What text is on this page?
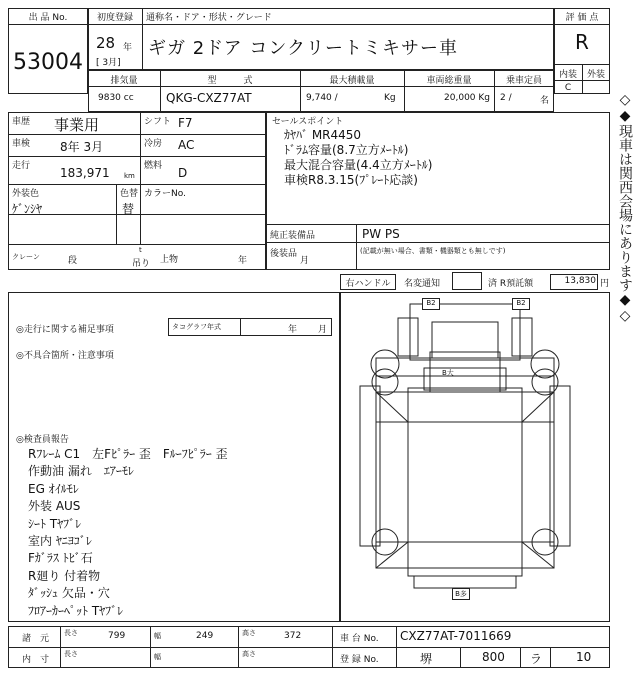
出 品 No.
53004
初度登録	通称名・ドア・形状・グレード
28 年
[ 3月]
ギガ 2ドア コンクリートミキサー車
評 価 点
R
内装	外装
C
排気量	型　　　式	最大積載量	車両総重量	乗車定員
9830 cc	QKG-CXZ77AT	9,740 /	Kg	20,000 Kg 2 /	名
車歴 事業用	シフト F7
車検 8年 3月	冷房 AC
走行 183,971 km
燃料 D
外装色
ｹﾞﾝｼﾔ
色替
替
カラーNo.
クレーン	段
t
吊り 上物	年
セールスポイント
ｶﾔﾊﾞ MR4450
ﾄﾞﾗﾑ容量(8.7立方ﾒｰﾄﾙ)
最大混合容量(4.4立方ﾒｰﾄﾙ)
車検R8.3.15(ﾌﾟﾚｰﾄ応談)
純正装備品	PW PS
後装品	(記載が無い場合、書類・機器類とも無しです)
月
右ハンドル	名変通知	済 R預託額	13,830 円
◎走行に関する補足事項	タコグラフ年式	年 月
◎不具合箇所・注意事項
◎検査員報告
Rﾌﾚｰﾑ C1　左Fﾋﾟﾗｰ 歪　Fﾙｰﾌﾋﾟﾗｰ 歪
作動油 漏れ　ｴｱｰﾓﾚ
EG ｵｲﾙﾓﾚ
外装 AUS
ｼｰﾄ Tﾔﾌﾞﾚ
室内 ﾔﾆﾖｺﾞﾚ
Fｶﾞﾗｽ ﾄﾋﾞ石
R廻り 付着物
ﾀﾞｯｼｭ 欠品・穴
ﾌﾛｱｰｶｰﾍﾟｯﾄ Tﾔﾌﾞﾚ
B2	B2
B大
B多
◇◆現車は関西会場にあります◆◇
諸　元
長さ	799	幅	249	高さ	372	車 台 No. CXZ77AT-7011669
内　寸
長さ	幅	高さ
登 録 No.	堺	800 ラ	10
